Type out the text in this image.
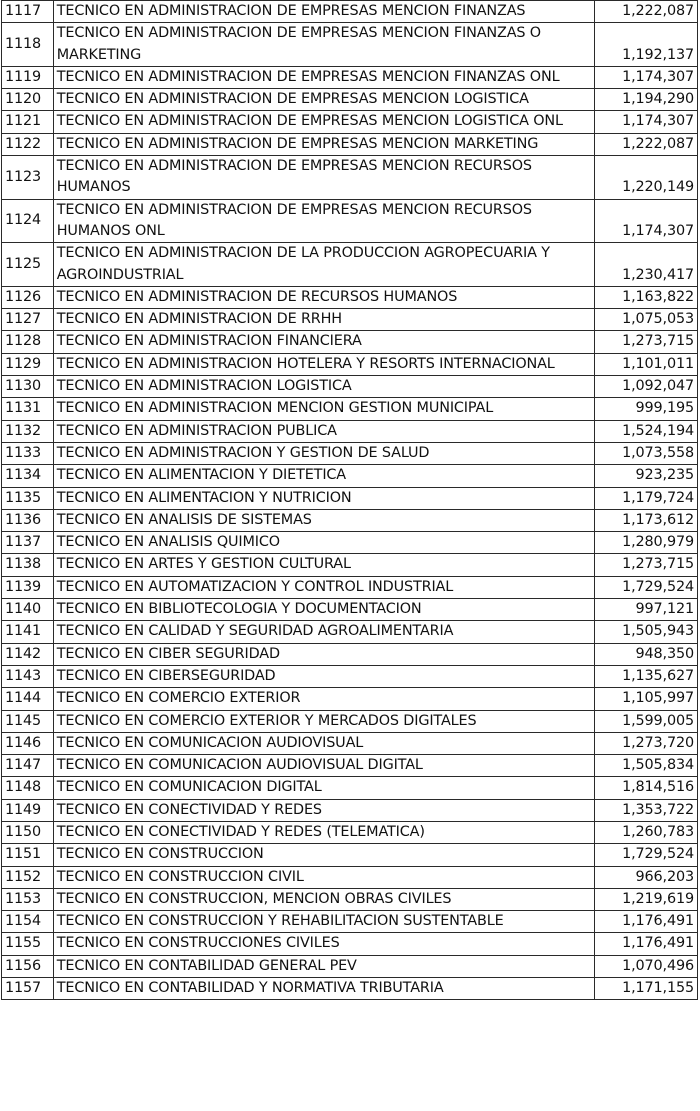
1117	TECNICO EN ADMINISTRACION DE EMPRESAS MENCION FINANZAS	1,222,087
1118	TECNICO EN ADMINISTRACION DE EMPRESAS MENCION FINANZAS O MARKETING	1,192,137
1119	TECNICO EN ADMINISTRACION DE EMPRESAS MENCION FINANZAS ONL	1,174,307
1120	TECNICO EN ADMINISTRACION DE EMPRESAS MENCION LOGISTICA	1,194,290
1121	TECNICO EN ADMINISTRACION DE EMPRESAS MENCION LOGISTICA ONL	1,174,307
1122	TECNICO EN ADMINISTRACION DE EMPRESAS MENCION MARKETING	1,222,087
1123	TECNICO EN ADMINISTRACION DE EMPRESAS MENCION RECURSOS HUMANOS	1,220,149
1124	TECNICO EN ADMINISTRACION DE EMPRESAS MENCION RECURSOS HUMANOS ONL	1,174,307
1125	TECNICO EN ADMINISTRACION DE LA PRODUCCION AGROPECUARIA Y AGROINDUSTRIAL	1,230,417
1126	TECNICO EN ADMINISTRACION DE RECURSOS HUMANOS	1,163,822
1127	TECNICO EN ADMINISTRACION DE RRHH	1,075,053
1128	TECNICO EN ADMINISTRACION FINANCIERA	1,273,715
1129	TECNICO EN ADMINISTRACION HOTELERA Y RESORTS INTERNACIONAL	1,101,011
1130	TECNICO EN ADMINISTRACION LOGISTICA	1,092,047
1131	TECNICO EN ADMINISTRACION MENCION GESTION MUNICIPAL	999,195
1132	TECNICO EN ADMINISTRACION PUBLICA	1,524,194
1133	TECNICO EN ADMINISTRACION Y GESTION DE SALUD	1,073,558
1134	TECNICO EN ALIMENTACION Y DIETETICA	923,235
1135	TECNICO EN ALIMENTACION Y NUTRICION	1,179,724
1136	TECNICO EN ANALISIS DE SISTEMAS	1,173,612
1137	TECNICO EN ANALISIS QUIMICO	1,280,979
1138	TECNICO EN ARTES Y GESTION CULTURAL	1,273,715
1139	TECNICO EN AUTOMATIZACION Y CONTROL INDUSTRIAL	1,729,524
1140	TECNICO EN BIBLIOTECOLOGIA Y DOCUMENTACION	997,121
1141	TECNICO EN CALIDAD Y SEGURIDAD AGROALIMENTARIA	1,505,943
1142	TECNICO EN CIBER SEGURIDAD	948,350
1143	TECNICO EN CIBERSEGURIDAD	1,135,627
1144	TECNICO EN COMERCIO EXTERIOR	1,105,997
1145	TECNICO EN COMERCIO EXTERIOR Y MERCADOS DIGITALES	1,599,005
1146	TECNICO EN COMUNICACION AUDIOVISUAL	1,273,720
1147	TECNICO EN COMUNICACION AUDIOVISUAL DIGITAL	1,505,834
1148	TECNICO EN COMUNICACION DIGITAL	1,814,516
1149	TECNICO EN CONECTIVIDAD Y REDES	1,353,722
1150	TECNICO EN CONECTIVIDAD Y REDES (TELEMATICA)	1,260,783
1151	TECNICO EN CONSTRUCCION	1,729,524
1152	TECNICO EN CONSTRUCCION CIVIL	966,203
1153	TECNICO EN CONSTRUCCION, MENCION OBRAS CIVILES	1,219,619
1154	TECNICO EN CONSTRUCCION Y REHABILITACION SUSTENTABLE	1,176,491
1155	TECNICO EN CONSTRUCCIONES CIVILES	1,176,491
1156	TECNICO EN CONTABILIDAD GENERAL PEV	1,070,496
1157	TECNICO EN CONTABILIDAD Y NORMATIVA TRIBUTARIA	1,171,155
